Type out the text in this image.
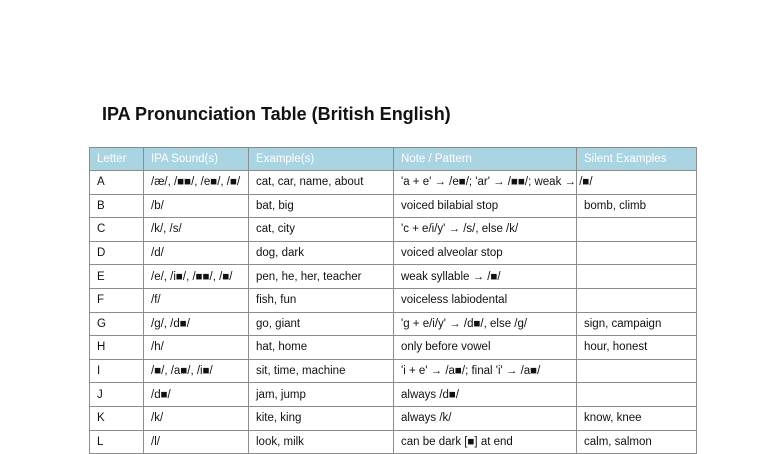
IPA Pronunciation Table (British English)
Letter	IPA Sound(s)	Example(s)	Note / Pattern	Silent Examples
A	/æ/, /■■/, /e■/, /■/	cat, car, name, about	'a + e' → /e■/; 'ar' → /■■/; weak → /■/	
B	/b/	bat, big	voiced bilabial stop	bomb, climb
C	/k/, /s/	cat, city	'c + e/i/y' → /s/, else /k/	
D	/d/	dog, dark	voiced alveolar stop	
E	/e/, /i■/, /■■/, /■/	pen, he, her, teacher	weak syllable → /■/	
F	/f/	fish, fun	voiceless labiodental	
G	/g/, /d■/	go, giant	'g + e/i/y' → /d■/, else /g/	sign, campaign
H	/h/	hat, home	only before vowel	hour, honest
I	/■/, /a■/, /i■/	sit, time, machine	'i + e' → /a■/; final 'i' → /a■/	
J	/d■/	jam, jump	always /d■/	
K	/k/	kite, king	always /k/	know, knee
L	/l/	look, milk	can be dark [■] at end	calm, salmon
